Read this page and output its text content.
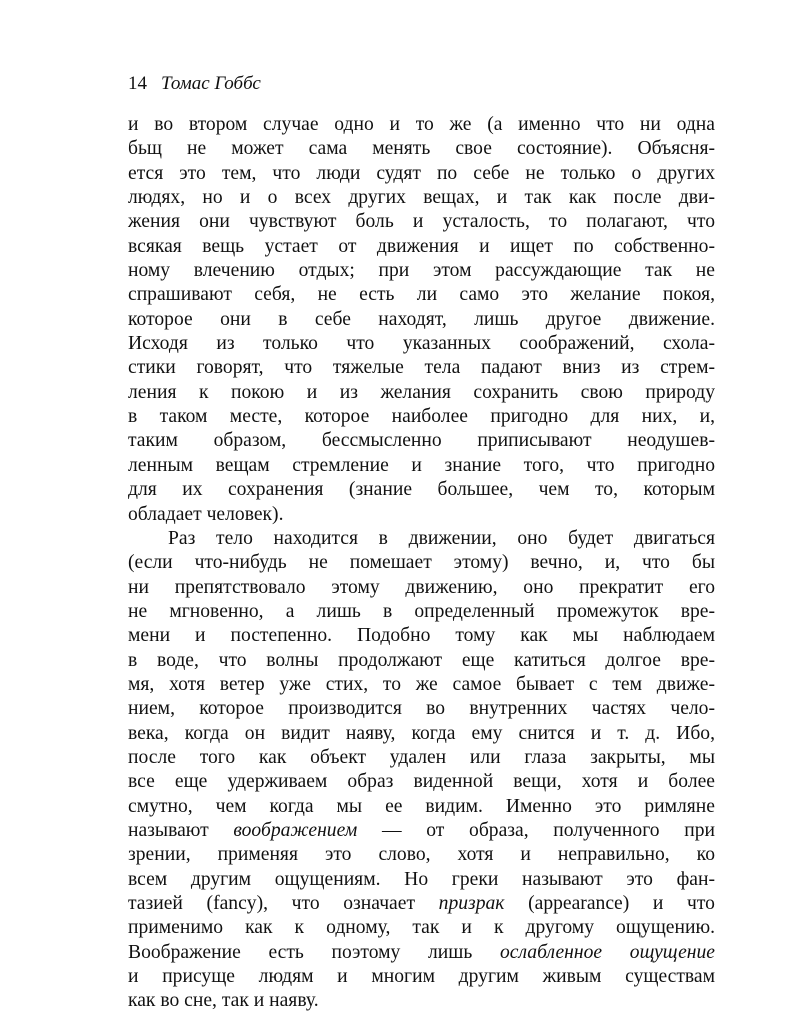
14 Томас Гоббс
и во втором случае одно и то же (а именно что ни одна
бьщ не может сама менять свое состояние). Объясня-
ется это тем, что люди судят по себе не только о других
людях, но и о всех других вещах, и так как после дви-
жения они чувствуют боль и усталость, то полагают, что
всякая вещь устает от движения и ищет по собственно-
ному влечению отдых; при этом рассуждающие так не
спрашивают себя, не есть ли само это желание покоя,
которое они в себе находят, лишь другое движение.
Исходя из только что указанных соображений, схола-
стики говорят, что тяжелые тела падают вниз из стрем-
ления к покою и из желания сохранить свою природу
в таком месте, которое наиболее пригодно для них, и,
таким образом, бессмысленно приписывают неодушев-
ленным вещам стремление и знание того, что пригодно
для их сохранения (знание большее, чем то, которым
обладает человек).
Раз тело находится в движении, оно будет двигаться
(если что-нибудь не помешает этому) вечно, и, что бы
ни препятствовало этому движению, оно прекратит его
не мгновенно, а лишь в определенный промежуток вре-
мени и постепенно. Подобно тому как мы наблюдаем
в воде, что волны продолжают еще катиться долгое вре-
мя, хотя ветер уже стих, то же самое бывает с тем движе-
нием, которое производится во внутренних частях чело-
века, когда он видит наяву, когда ему снится и т. д. Ибо,
после того как объект удален или глаза закрыты, мы
все еще удерживаем образ виденной вещи, хотя и более
смутно, чем когда мы ее видим. Именно это римляне
называют воображением — от образа, полученного при
зрении, применяя это слово, хотя и неправильно, ко
всем другим ощущениям. Но греки называют это фан-
тазией (fancy), что означает призрак (appearance) и что
применимо как к одному, так и к другому ощущению.
Воображение есть поэтому лишь ослабленное ощущение
и присуще людям и многим другим живым существам
как во сне, так и наяву.
